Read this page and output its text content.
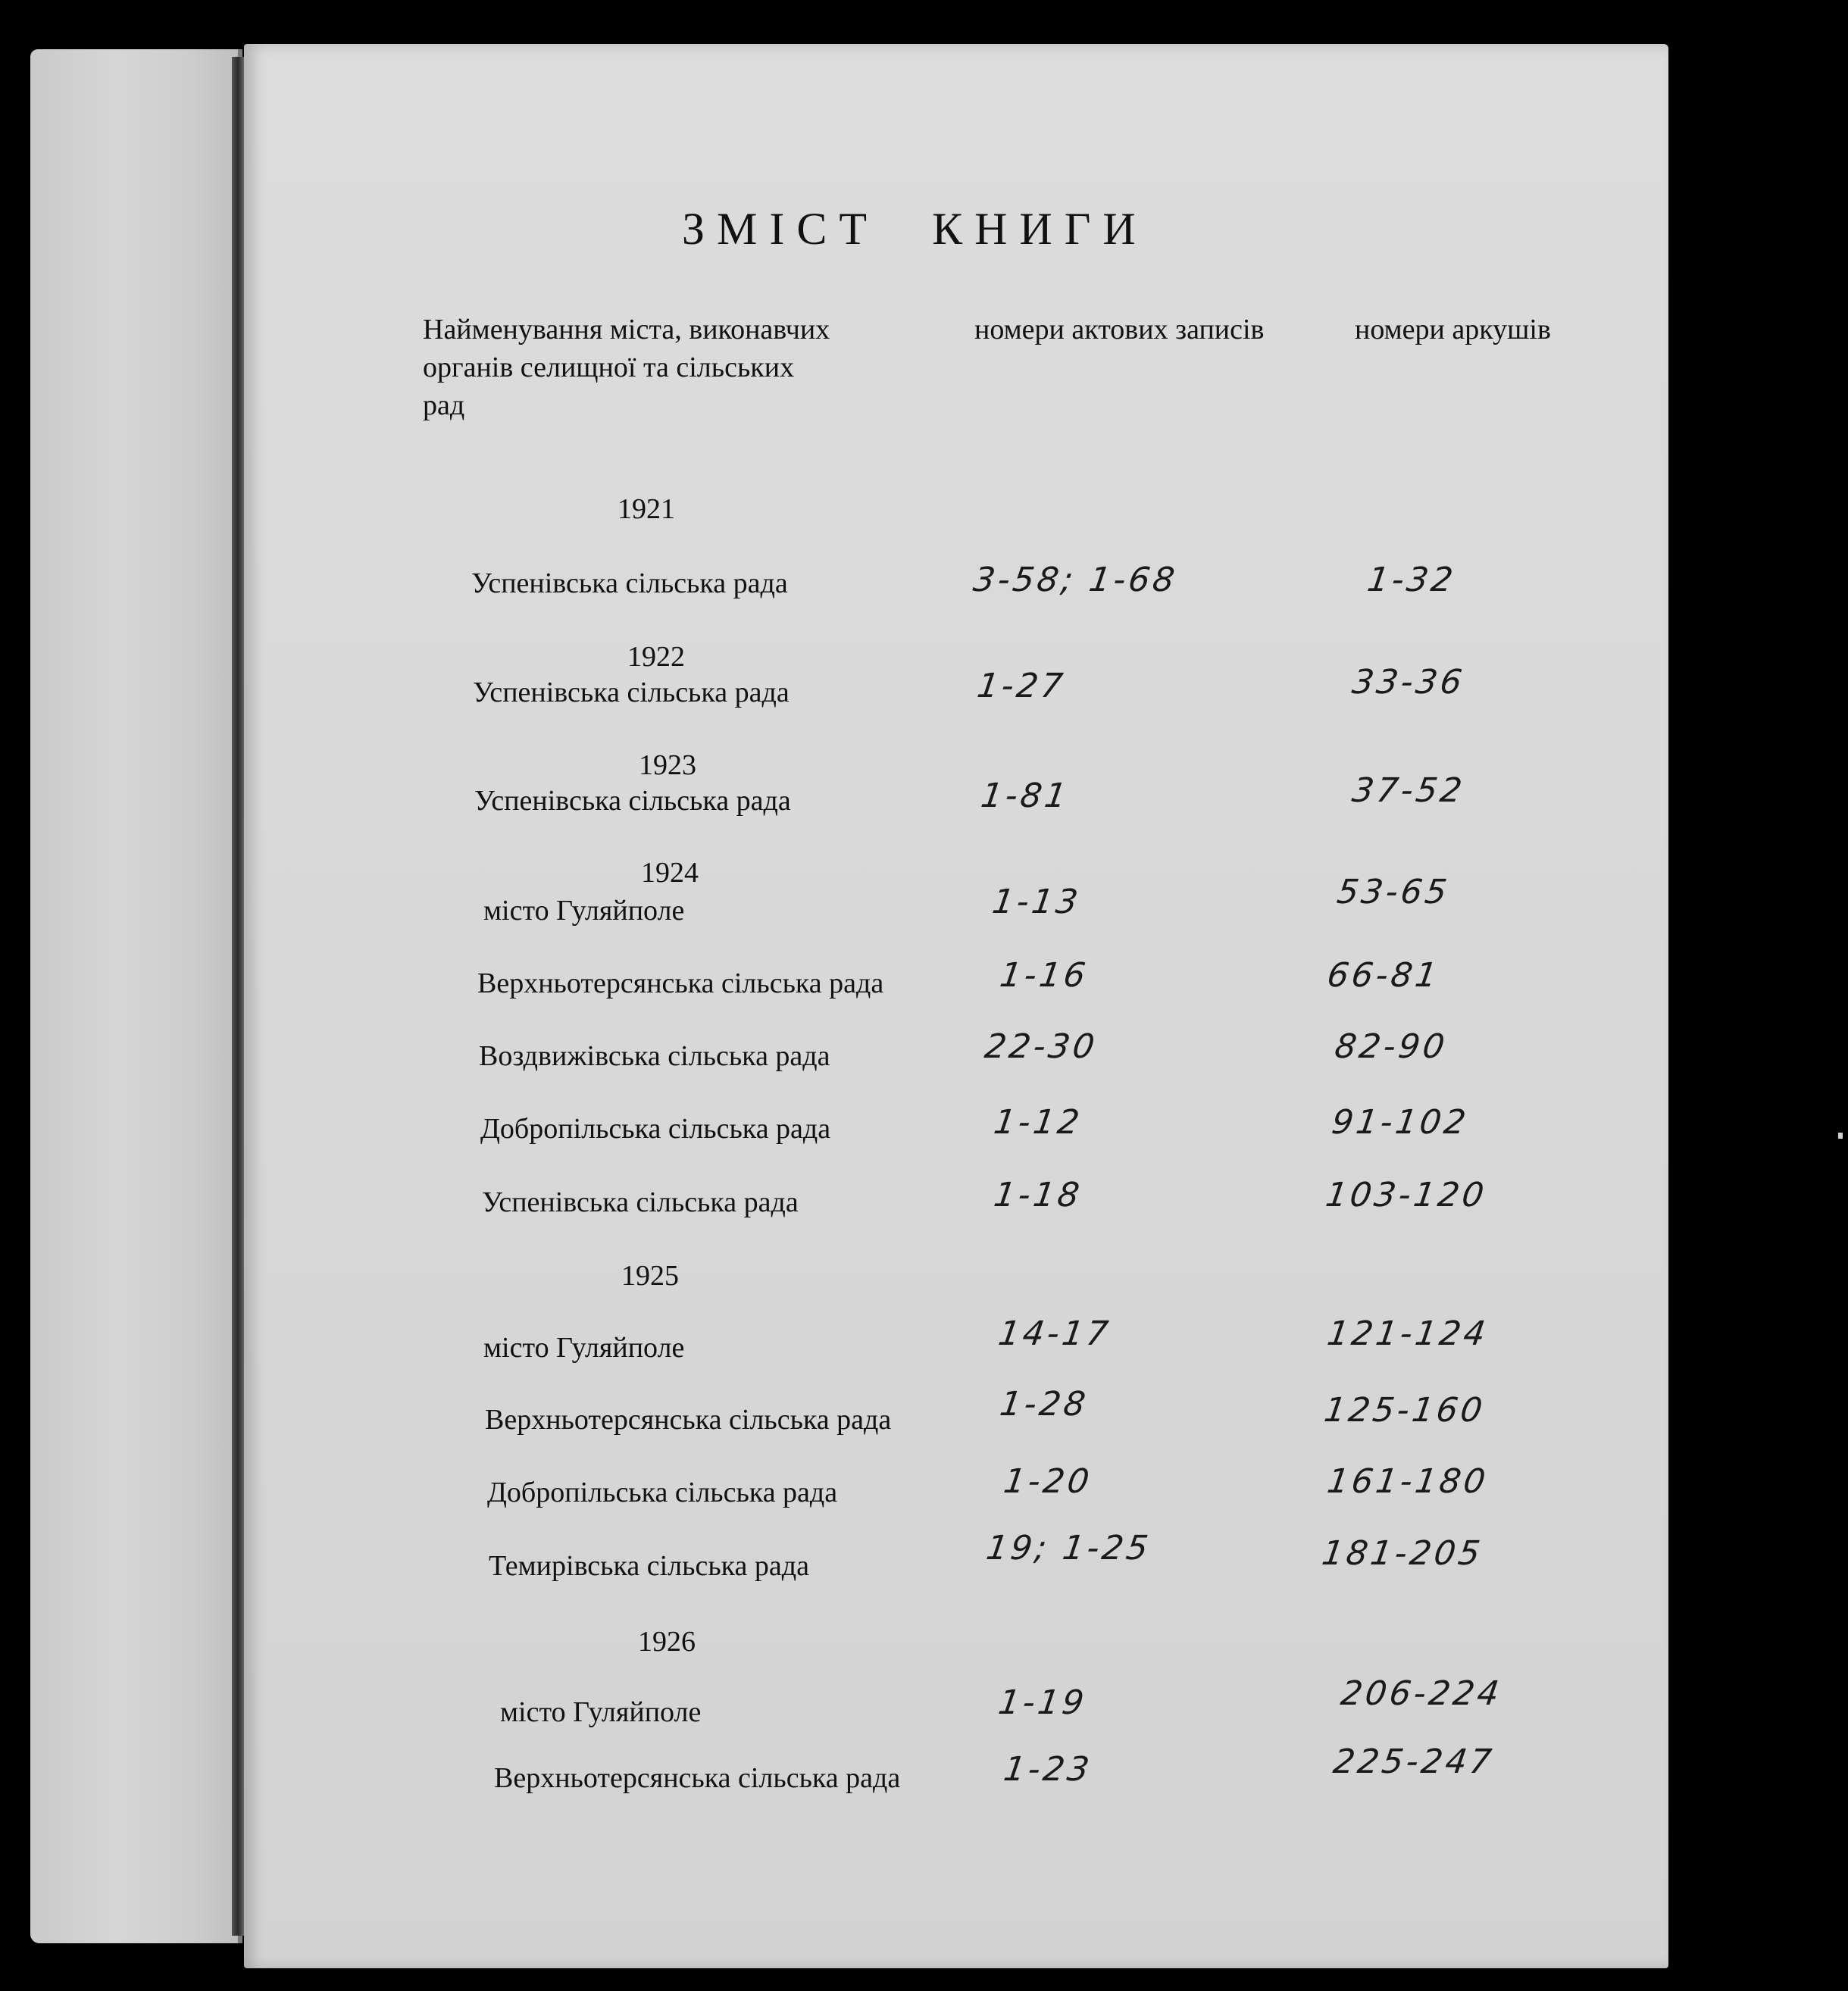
ЗМІСТ КНИГИ
Найменування міста, виконавчих
органів селищної та сільських
рад
номери актових записів	номери аркушів
1921
Успенівська сільська рада	3-58; 1-68	1-32
1922
Успенівська сільська рада	1-27	33-36
1923
Успенівська сільська рада	1-81	37-52
1924
місто Гуляйполе	1-13	53-65
Верхньотерсянська сільська рада	1-16	66-81
Воздвижівська сільська рада	22-30	82-90
Добропільська сільська рада	1-12	91-102
Успенівська сільська рада	1-18	103-120
1925
місто Гуляйполе	14-17	121-124
Верхньотерсянська сільська рада	1-28	125-160
Добропільська сільська рада	1-20	161-180
Темирівська сільська рада	19; 1-25	181-205
1926
місто Гуляйполе	1-19	206-224
Верхньотерсянська сільська рада	1-23	225-247
